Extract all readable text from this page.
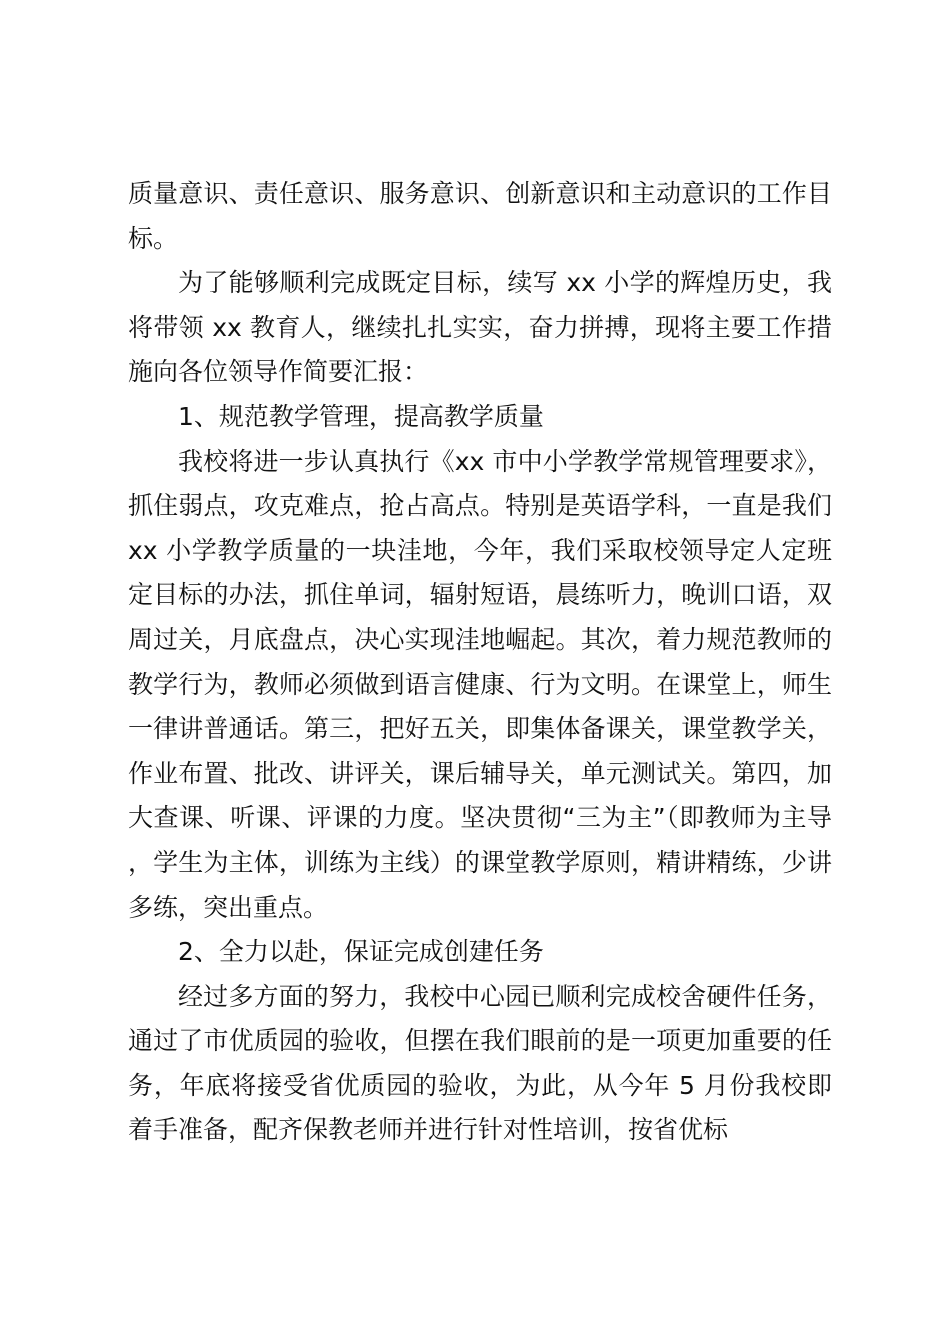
质量意识、责任意识、服务意识、创新意识和主动意识的工作目标。

为了能够顺利完成既定目标，续写 xx 小学的辉煌历史，我将带领 xx 教育人，继续扎扎实实，奋力拼搏，现将主要工作措施向各位领导作简要汇报：

1、规范教学管理，提高教学质量

我校将进一步认真执行《xx 市中小学教学常规管理要求》，抓住弱点，攻克难点，抢占高点。特别是英语学科，一直是我们 xx 小学教学质量的一块洼地，今年，我们采取校领导定人定班定目标的办法，抓住单词，辐射短语，晨练听力，晚训口语，双周过关，月底盘点，决心实现洼地崛起。其次，着力规范教师的教学行为，教师必须做到语言健康、行为文明。在课堂上，师生一律讲普通话。第三，把好五关，即集体备课关，课堂教学关，作业布置、批改、讲评关，课后辅导关，单元测试关。第四，加大查课、听课、评课的力度。坚决贯彻“三为主”（即教师为主导，学生为主体，训练为主线）的课堂教学原则，精讲精练，少讲多练，突出重点。

2、全力以赴，保证完成创建任务

经过多方面的努力，我校中心园已顺利完成校舍硬件任务，通过了市优质园的验收，但摆在我们眼前的是一项更加重要的任务，年底将接受省优质园的验收，为此，从今年 5 月份我校即着手准备，配齐保教老师并进行针对性培训，按省优标
